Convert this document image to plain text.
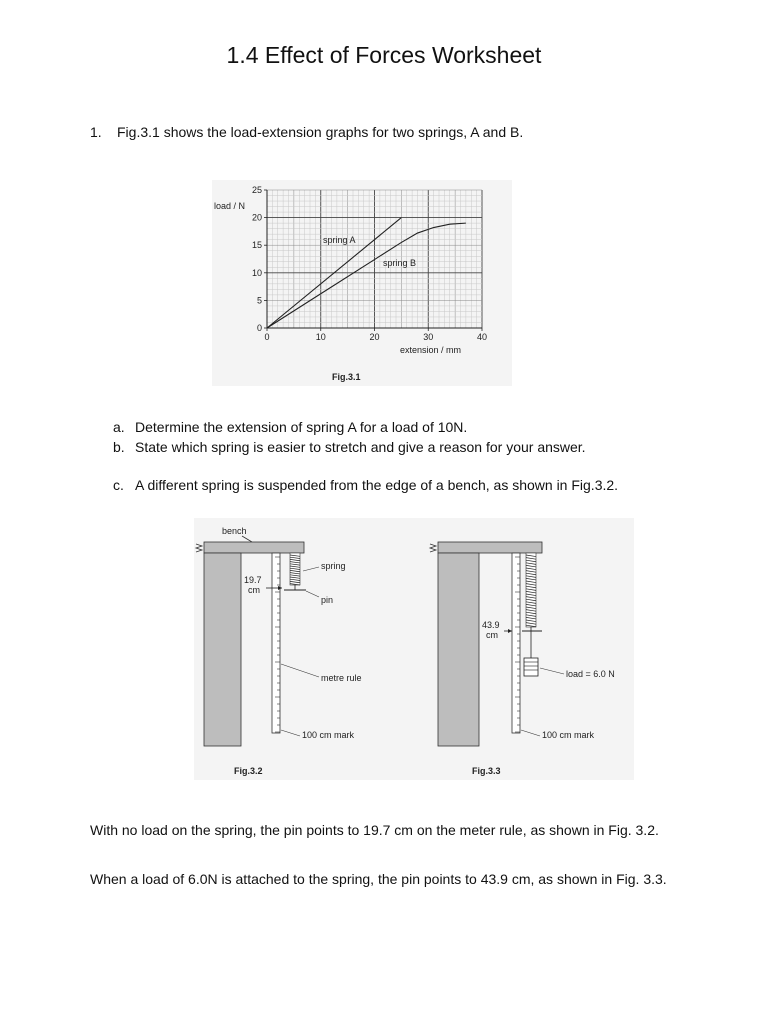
1.4 Effect of Forces Worksheet
1. Fig.3.1 shows the load-extension graphs for two springs, A and B.
0	10	20	30	40
0
5
10
15
20
25
spring A
spring B
load / N
extension / mm
Fig.3.1
a. Determine the extension of spring A for a load of 10N.
b. State which spring is easier to stretch and give a reason for your answer.
c. A different spring is suspended from the edge of a bench, as shown in Fig.3.2.
bench
19.7
cm
spring
pin
metre rule
100 cm mark
Fig.3.2
43.9
cm
load = 6.0 N
100 cm mark
Fig.3.3
With no load on the spring, the pin points to 19.7 cm on the meter rule, as shown in Fig. 3.2.
When a load of 6.0N is attached to the spring, the pin points to 43.9 cm, as shown in Fig. 3.3.
